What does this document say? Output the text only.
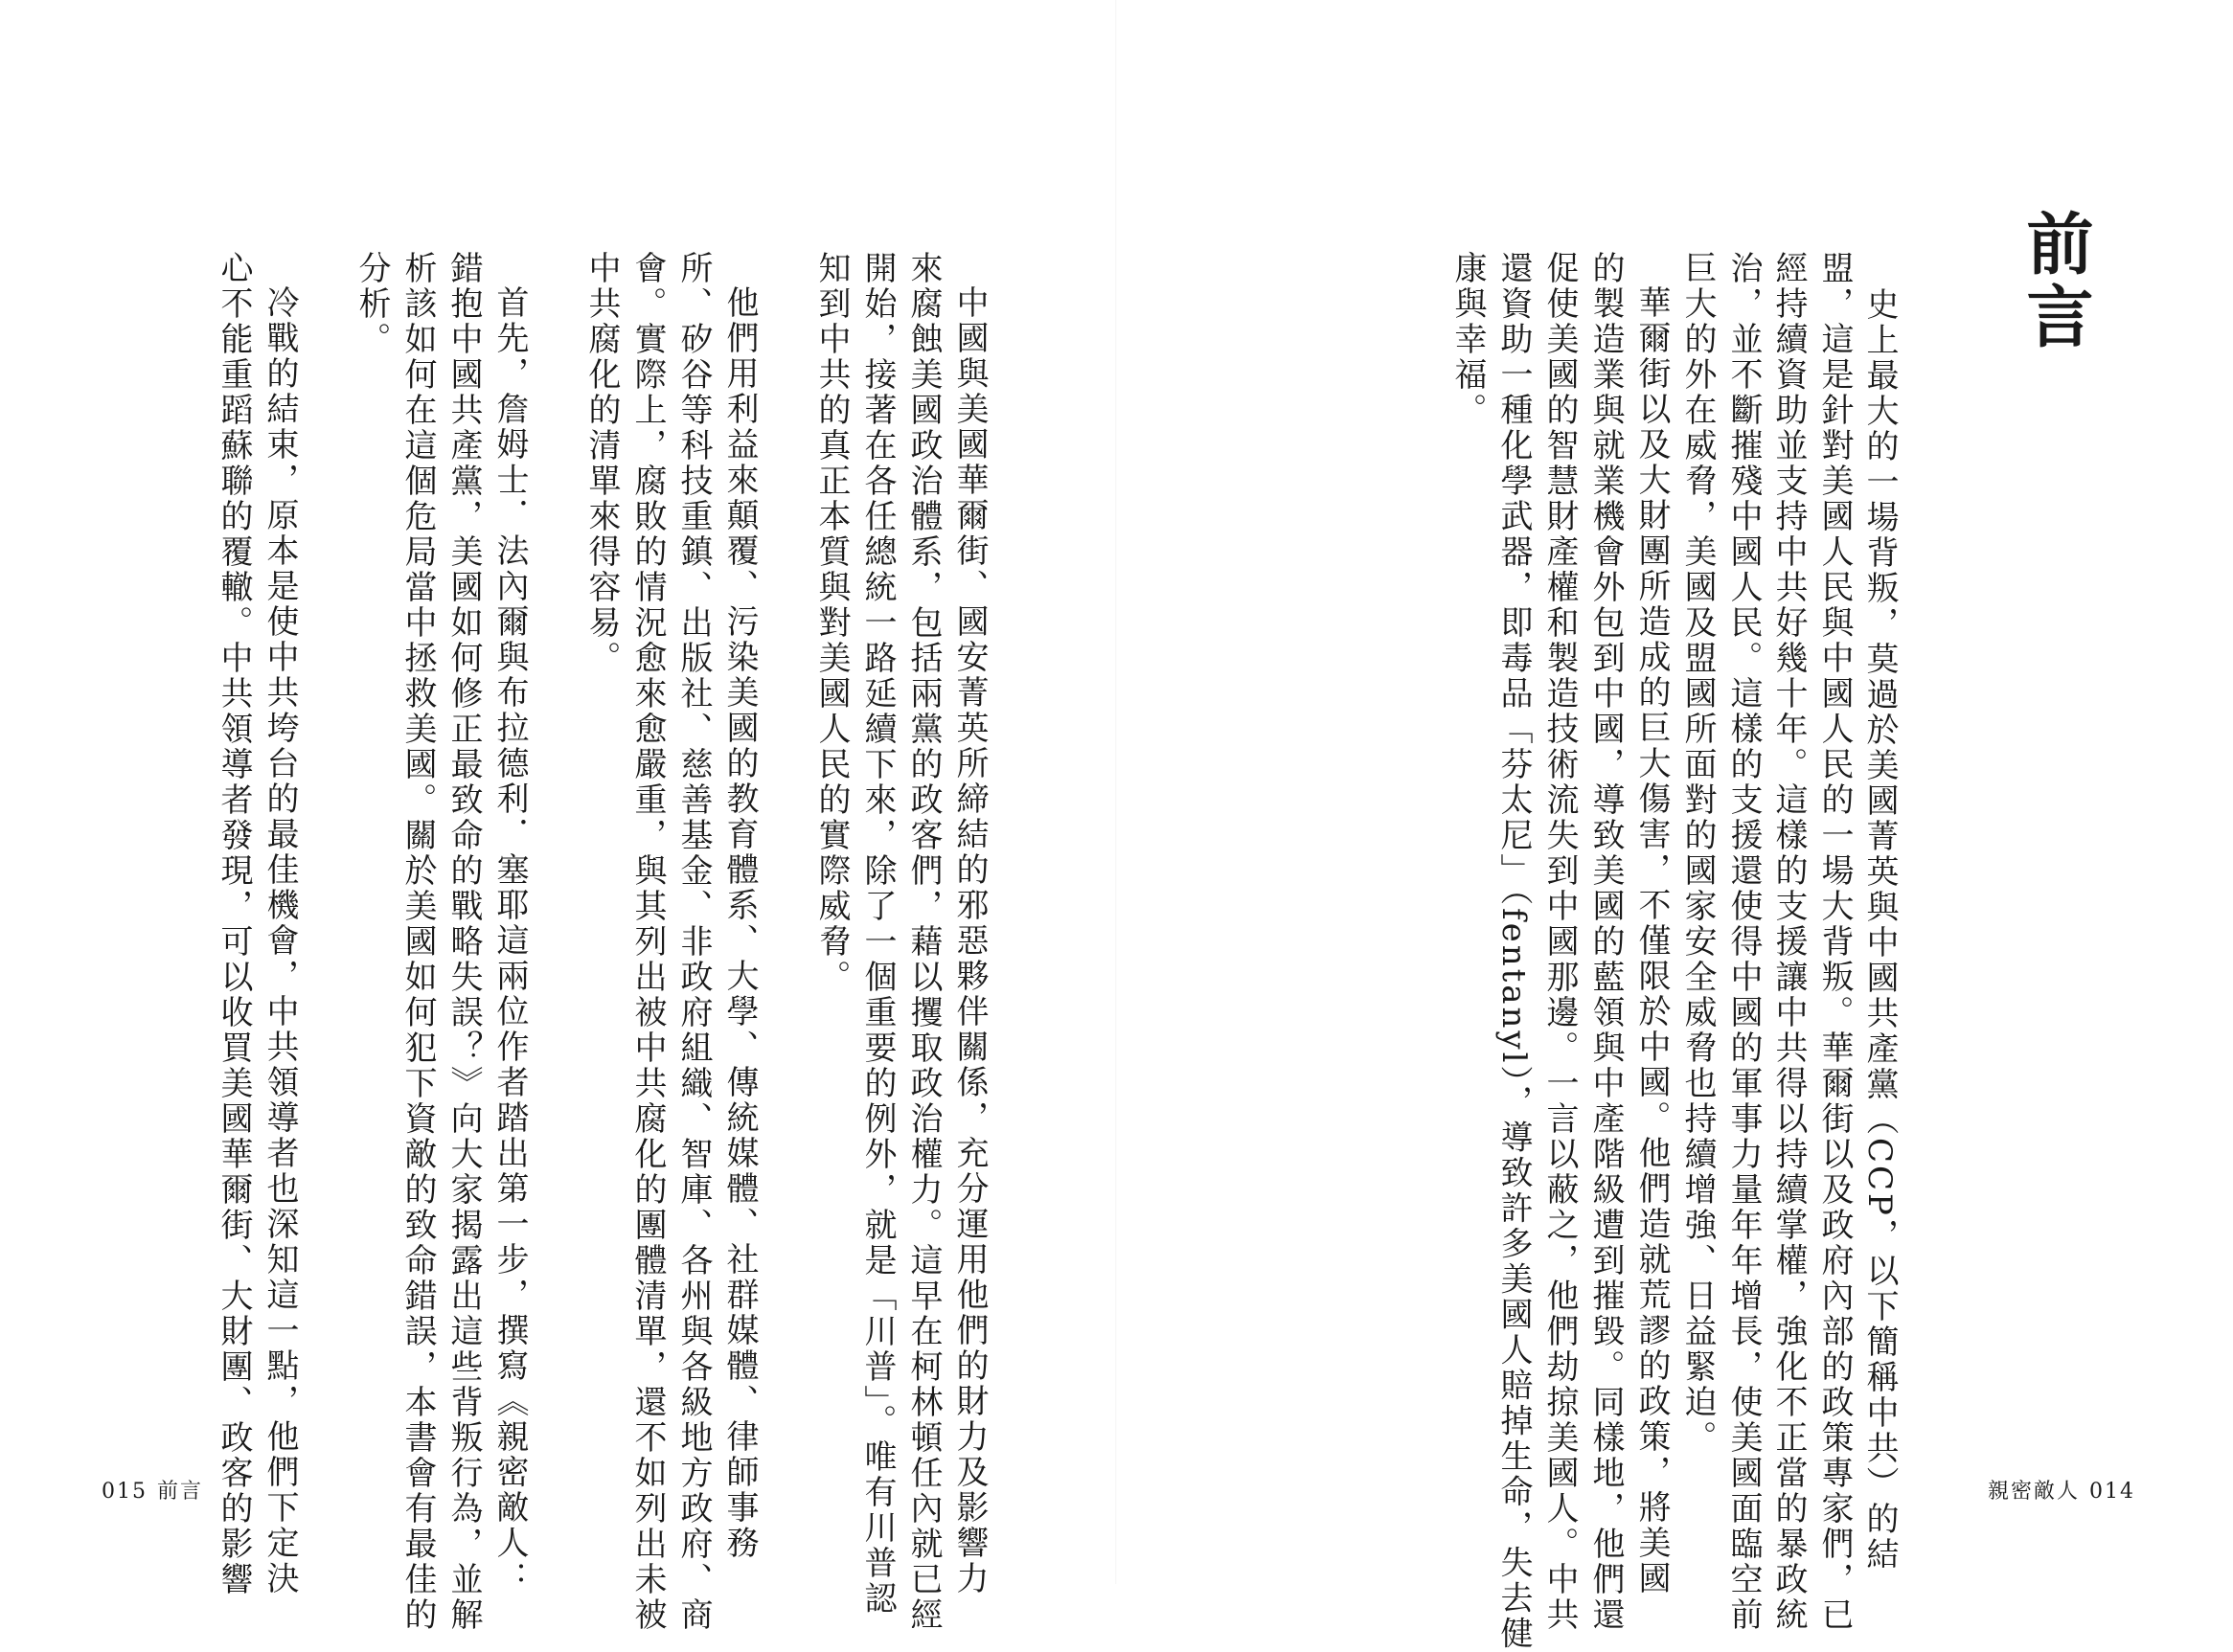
前言
史上最大的一場背叛，莫過於美國菁英與中國共產黨（CCP，以下簡稱中共）的結
盟，這是針對美國人民與中國人民的一場大背叛。華爾街以及政府內部的政策專家們，已
經持續資助並支持中共好幾十年。這樣的支援讓中共得以持續掌權，強化不正當的暴政統
治，並不斷摧殘中國人民。這樣的支援還使得中國的軍事力量年年增長，使美國面臨空前
巨大的外在威脅，美國及盟國所面對的國家安全威脅也持續增強、日益緊迫。
華爾街以及大財團所造成的巨大傷害，不僅限於中國。他們造就荒謬的政策，將美國
的製造業與就業機會外包到中國，導致美國的藍領與中產階級遭到摧毀。同樣地，他們還
促使美國的智慧財產權和製造技術流失到中國那邊。一言以蔽之，他們劫掠美國人。中共
還資助一種化學武器，即毒品「芬太尼」（fentanyl），導致許多美國人賠掉生命，失去健
康與幸福。
親密敵人 014
中國與美國華爾街、國安菁英所締結的邪惡夥伴關係，充分運用他們的財力及影響力
來腐蝕美國政治體系，包括兩黨的政客們，藉以攫取政治權力。這早在柯林頓任內就已經
開始，接著在各任總統一路延續下來，除了一個重要的例外，就是「川普」。唯有川普認
知到中共的真正本質與對美國人民的實際威脅。
他們用利益來顛覆、污染美國的教育體系、大學、傳統媒體、社群媒體、律師事務
所、矽谷等科技重鎮、出版社、慈善基金、非政府組織、智庫、各州與各級地方政府、商
會。實際上，腐敗的情況愈來愈嚴重，與其列出被中共腐化的團體清單，還不如列出未被
中共腐化的清單來得容易。
首先，詹姆士．法內爾與布拉德利．塞耶這兩位作者踏出第一步，撰寫《親密敵人：
錯抱中國共產黨，美國如何修正最致命的戰略失誤？》向大家揭露出這些背叛行為，並解
析該如何在這個危局當中拯救美國。關於美國如何犯下資敵的致命錯誤，本書會有最佳的
分析。
冷戰的結束，原本是使中共垮台的最佳機會，中共領導者也深知這一點，他們下定決
心不能重蹈蘇聯的覆轍。中共領導者發現，可以收買美國華爾街、大財團、政客的影響
015 前言
